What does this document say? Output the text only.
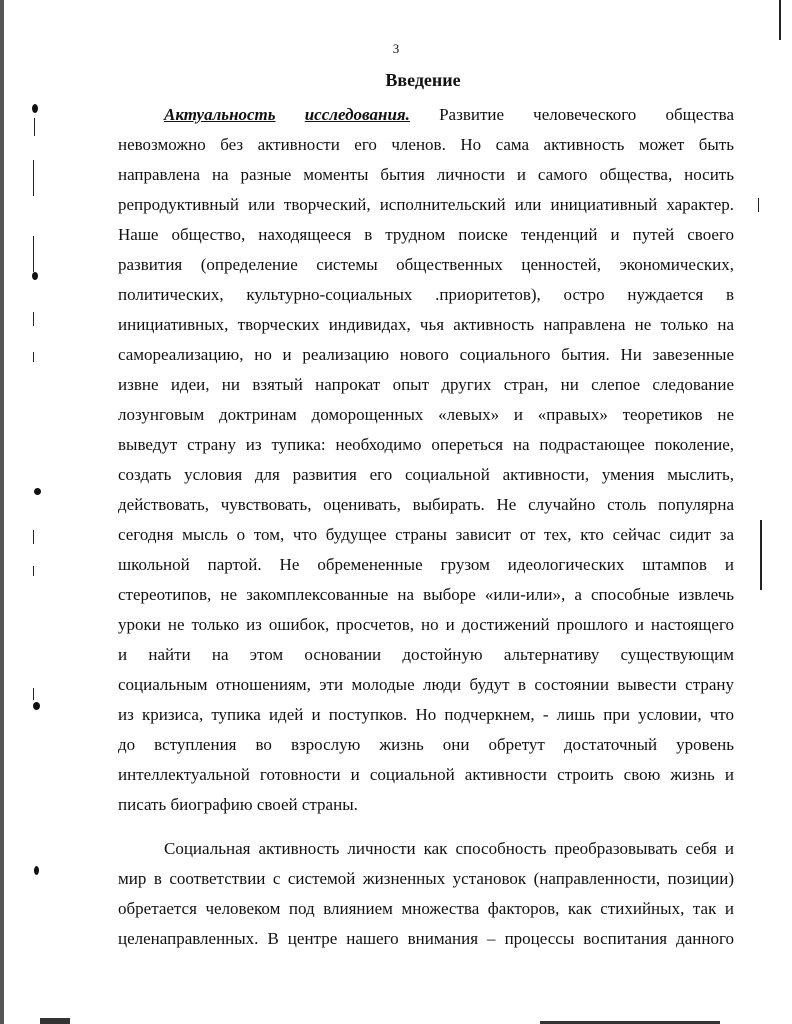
3
Введение

Актуальность исследования. Развитие человеческого общества
невозможно без активности его членов. Но сама активность может быть
направлена на разные моменты бытия личности и самого общества, носить
репродуктивный или творческий, исполнительский или инициативный характер.
Наше общество, находящееся в трудном поиске тенденций и путей своего
развития (определение системы общественных ценностей, экономических,
политических, культурно-социальных .приоритетов), остро нуждается в
инициативных, творческих индивидах, чья активность направлена не только на
самореализацию, но и реализацию нового социального бытия. Ни завезенные
извне идеи, ни взятый напрокат опыт других стран, ни слепое следование
лозунговым доктринам доморощенных «левых» и «правых» теоретиков не
выведут страну из тупика: необходимо опереться на подрастающее поколение,
создать условия для развития его социальной активности, умения мыслить,
действовать, чувствовать, оценивать, выбирать. Не случайно столь популярна
сегодня мысль о том, что будущее страны зависит от тех, кто сейчас сидит за
школьной партой. Не обремененные грузом идеологических штампов и
стереотипов, не закомплексованные на выборе «или-или», а способные извлечь
уроки не только из ошибок, просчетов, но и достижений прошлого и настоящего
и найти на этом основании достойную альтернативу существующим
социальным отношениям, эти молодые люди будут в состоянии вывести страну
из кризиса, тупика идей и поступков. Но подчеркнем, - лишь при условии, что
до вступления во взрослую жизнь они обретут достаточный уровень
интеллектуальной готовности и социальной активности строить свою жизнь и
писать биографию своей страны.

Социальная активность личности как способность преобразовывать себя и
мир в соответствии с системой жизненных установок (направленности, позиции)
обретается человеком под влиянием множества факторов, как стихийных, так и
целенаправленных. В центре нашего внимания – процессы воспитания данного
